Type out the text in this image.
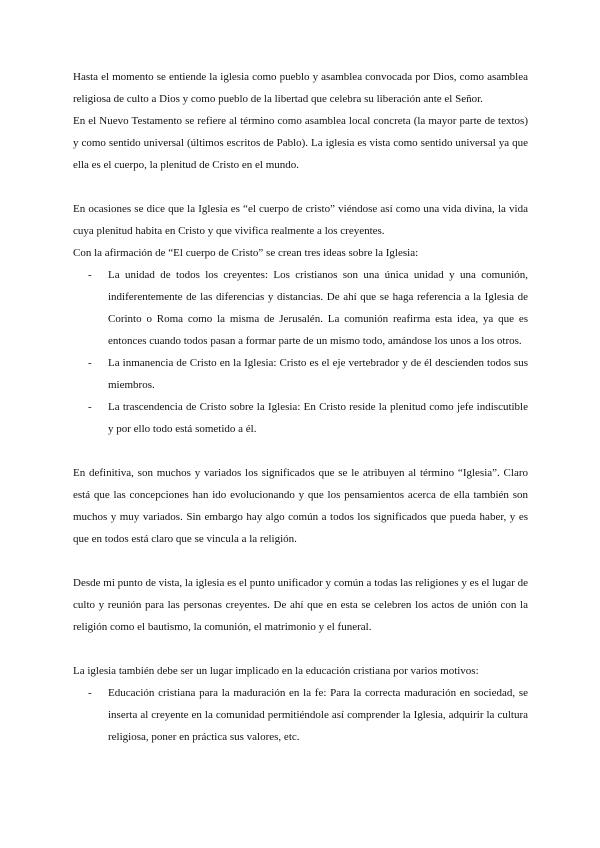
Hasta el momento se entiende la iglesia como pueblo y asamblea convocada por Dios, como asamblea religiosa de culto a Dios y como pueblo de la libertad que celebra su liberación ante el Señor.

En el Nuevo Testamento se refiere al término como asamblea local concreta (la mayor parte de textos) y como sentido universal (últimos escritos de Pablo). La iglesia es vista como sentido universal ya que ella es el cuerpo, la plenitud de Cristo en el mundo.

En ocasiones se dice que la Iglesia es “el cuerpo de cristo” viéndose así como una vida divina, la vida cuya plenitud habita en Cristo y que vivifica realmente a los creyentes.

Con la afirmación de “El cuerpo de Cristo” se crean tres ideas sobre la Iglesia:

- La unidad de todos los creyentes: Los cristianos son una única unidad y una comunión, indiferentemente de las diferencias y distancias. De ahí que se haga referencia a la Iglesia de Corinto o Roma como la misma de Jerusalén. La comunión reafirma esta idea, ya que es entonces cuando todos pasan a formar parte de un mismo todo, amándose los unos a los otros.
- La inmanencia de Cristo en la Iglesia: Cristo es el eje vertebrador y de él descienden todos sus miembros.
- La trascendencia de Cristo sobre la Iglesia: En Cristo reside la plenitud como jefe indiscutible y por ello todo está sometido a él.

En definitiva, son muchos y variados los significados que se le atribuyen al término “Iglesia”. Claro está que las concepciones han ido evolucionando y que los pensamientos acerca de ella también son muchos y muy variados. Sin embargo hay algo común a todos los significados que pueda haber, y es que en todos está claro que se vincula a la religión.

Desde mi punto de vista, la iglesia es el punto unificador y común a todas las religiones y es el lugar de culto y reunión para las personas creyentes. De ahí que en esta se celebren los actos de unión con la religión como el bautismo, la comunión, el matrimonio y el funeral.

La iglesia también debe ser un lugar implicado en la educación cristiana por varios motivos:

- Educación cristiana para la maduración en la fe: Para la correcta maduración en sociedad, se inserta al creyente en la comunidad permitiéndole así comprender la Iglesia, adquirir la cultura religiosa, poner en práctica sus valores, etc.
